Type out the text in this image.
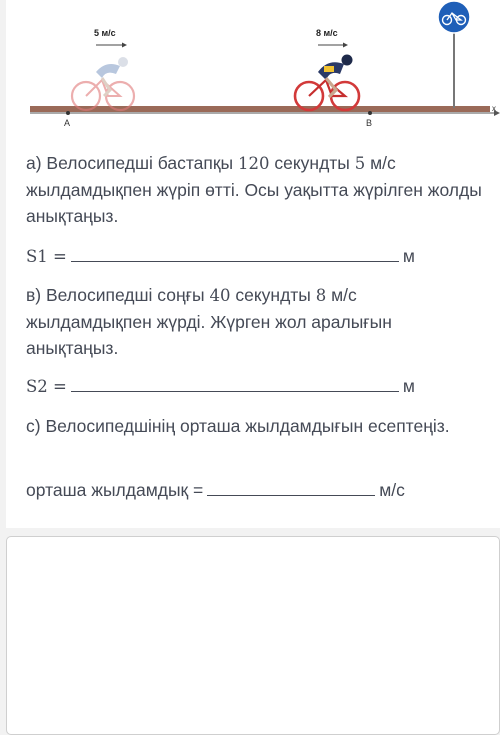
5 м/с	8 м/с
A	B
x
а) Велосипедші бастапқы 120 секундты 5 м/с жылдамдықпен жүріп өтті. Осы уақытта жүрілген жолды анықтаңыз.
S1 =	м
в) Велосипедші соңғы 40 секундты 8 м/с жылдамдықпен жүрді. Жүрген жол аралығын анықтаңыз.
S2 =	м
с) Велосипедшінің орташа жылдамдығын есептеңіз.
орташа жылдамдық =	м/с
